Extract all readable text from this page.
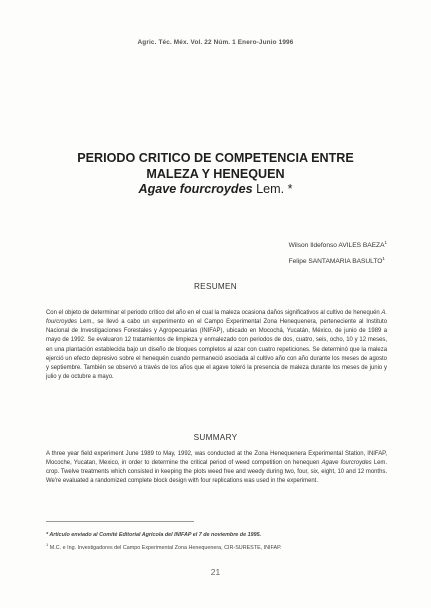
Agric. Téc. Méx. Vol. 22 Núm. 1 Enero-Junio 1996
PERIODO CRITICO DE COMPETENCIA ENTRE
MALEZA Y HENEQUEN
Agave fourcroydes Lem. *
Wilson Ildefonso AVILES BAEZA$^1$
Felipe SANTAMARIA BASULTO$^1$
RESUMEN
Con el objeto de determinar el periodo crítico del año en el cual la maleza ocasiona daños significativos al cultivo de henequén A. fourcroydes Lem., se llevó a cabo un experimento en el Campo Experimental Zona Henequenera, perteneciente al Instituto Nacional de Investigaciones Forestales y Agropecuarias (INIFAP), ubicado en Mocochá, Yucatán, México, de junio de 1989 a mayo de 1992. Se evaluaron 12 tratamientos de limpieza y enmalezado con periodos de dos, cuatro, seis, ocho, 10 y 12 meses, en una plantación establecida bajo un diseño de bloques completos al azar con cuatro repeticiones. Se determinó que la maleza ejerció un efecto depresivo sobre el henequén cuando permaneció asociada al cultivo año con año durante los meses de agosto y septiembre. También se observó a través de los años que el agave toleró la presencia de maleza durante los meses de junio y julio y de octubre a mayo.
SUMMARY
A three year field experiment June 1989 to May, 1992, was conducted at the Zona Henequenera Experimental Station, INIFAP, Mocoche, Yucatan, Mexico, in order to determine the critical period of weed competition on henequen Agave fourcroydes Lem. crop. Twelve treatments which consisted in keeping the plots weed free and weedy during two, four, six, eight, 10 and 12 months. We're evaluated a randomized complete block design with four replications was used in the experiment.
* Artículo enviado al Comité Editorial Agrícola del INIFAP el 7 de noviembre de 1995.
$^1$ M.C. e Ing. Investigadores del Campo Experimental Zona Henequenera, CIR-SURESTE, INIFAP.
21
